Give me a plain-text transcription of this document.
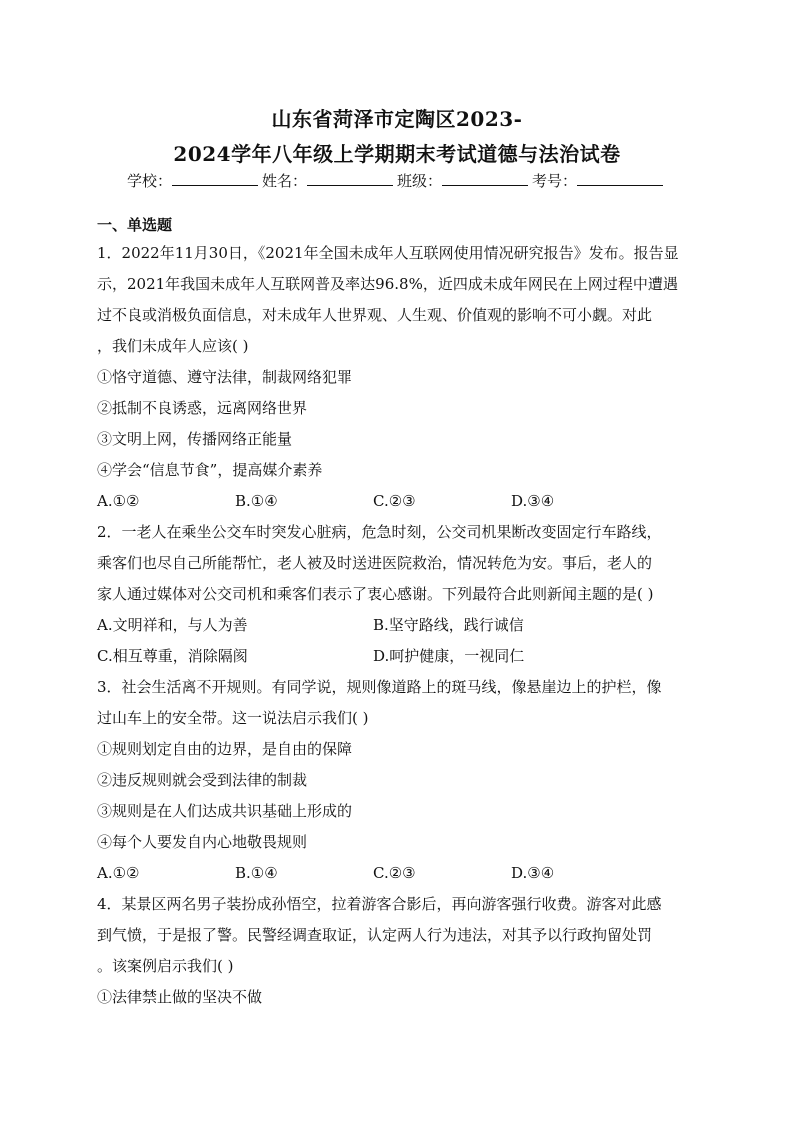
山东省菏泽市定陶区2023-
2024学年八年级上学期期末考试道德与法治试卷
学校：	姓名：	班级：	考号：
一、单选题
1．2022年11月30日，《2021年全国未成年人互联网使用情况研究报告》发布。报告显
示，2021年我国未成年人互联网普及率达96.8%，近四成未成年网民在上网过程中遭遇
过不良或消极负面信息，对未成年人世界观、人生观、价值观的影响不可小觑。对此
，我们未成年人应该( )
①恪守道德、遵守法律，制裁网络犯罪
②抵制不良诱惑，远离网络世界
③文明上网，传播网络正能量
④学会“信息节食”，提高媒介素养
A.①②	B.①④	C.②③	D.③④
2．一老人在乘坐公交车时突发心脏病，危急时刻，公交司机果断改变固定行车路线，
乘客们也尽自己所能帮忙，老人被及时送进医院救治，情况转危为安。事后，老人的
家人通过媒体对公交司机和乘客们表示了衷心感谢。下列最符合此则新闻主题的是( )
A.文明祥和，与人为善	B.坚守路线，践行诚信
C.相互尊重，消除隔阂	D.呵护健康，一视同仁
3．社会生活离不开规则。有同学说，规则像道路上的斑马线，像悬崖边上的护栏，像
过山车上的安全带。这一说法启示我们( )
①规则划定自由的边界，是自由的保障
②违反规则就会受到法律的制裁
③规则是在人们达成共识基础上形成的
④每个人要发自内心地敬畏规则
A.①②	B.①④	C.②③	D.③④
4．某景区两名男子装扮成孙悟空，拉着游客合影后，再向游客强行收费。游客对此感
到气愤，于是报了警。民警经调查取证，认定两人行为违法，对其予以行政拘留处罚
。该案例启示我们( )
①法律禁止做的坚决不做
